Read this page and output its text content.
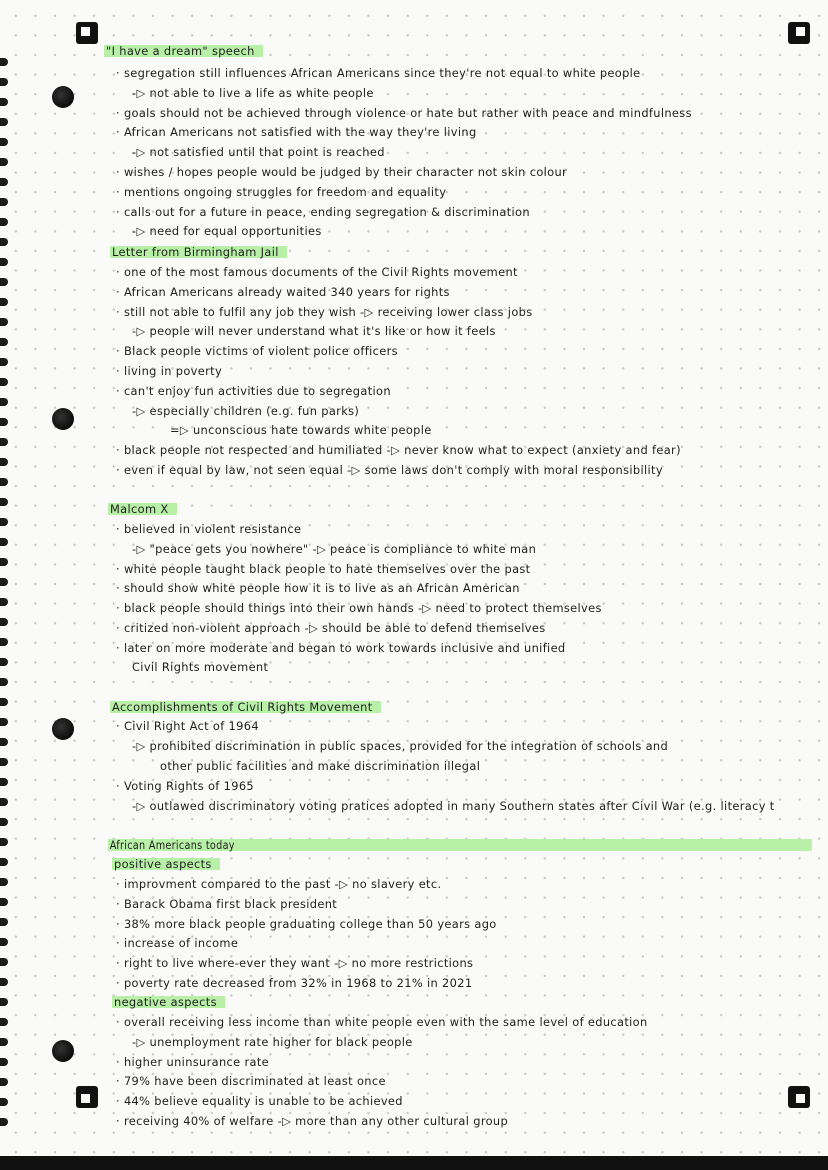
"I have a dream" speech
· segregation still influences African Americans since they're not equal to white people
-▷ not able to live a life as white people
· goals should not be achieved through violence or hate but rather with peace and mindfulness
· African Americans not satisfied with the way they're living
-▷ not satisfied until that point is reached
· wishes / hopes people would be judged by their character not skin colour
· mentions ongoing struggles for freedom and equality
· calls out for a future in peace, ending segregation & discrimination
-▷ need for equal opportunities
Letter from Birmingham Jail
· one of the most famous documents of the Civil Rights movement
· African Americans already waited 340 years for rights
· still not able to fulfil any job they wish -▷ receiving lower class jobs
-▷ people will never understand what it's like or how it feels
· Black people victims of violent police officers
· living in poverty
· can't enjoy fun activities due to segregation
-▷ especially children (e.g. fun parks)
=▷ unconscious hate towards white people
· black people not respected and humiliated -▷ never know what to expect (anxiety and fear)
· even if equal by law, not seen equal -▷ some laws don't comply with moral responsibility
Malcom X
· believed in violent resistance
-▷ "peace gets you nowhere" -▷ peace is compliance to white man
· white people taught black people to hate themselves over the past
· should show white people how it is to live as an African American
· black people should things into their own hands -▷ need to protect themselves
· critized non-violent approach -▷ should be able to defend themselves
· later on more moderate and began to work towards inclusive and unified
Civil Rights movement
Accomplishments of Civil Rights Movement
· Civil Right Act of 1964
-▷ prohibited discrimination in public spaces, provided for the integration of schools and
other public facilities and make discrimination illegal
· Voting Rights of 1965
-▷ outlawed discriminatory voting pratices adopted in many Southern states after Civil War (e.g. literacy t
African Americans today
positive aspects
· improvment compared to the past -▷ no slavery etc.
· Barack Obama first black president
· 38% more black people graduating college than 50 years ago
· increase of income
· right to live where-ever they want -▷ no more restrictions
· poverty rate decreased from 32% in 1968 to 21% in 2021
negative aspects
· overall receiving less income than white people even with the same level of education
-▷ unemployment rate higher for black people
· higher uninsurance rate
· 79% have been discriminated at least once
· 44% believe equality is unable to be achieved
· receiving 40% of welfare -▷ more than any other cultural group
